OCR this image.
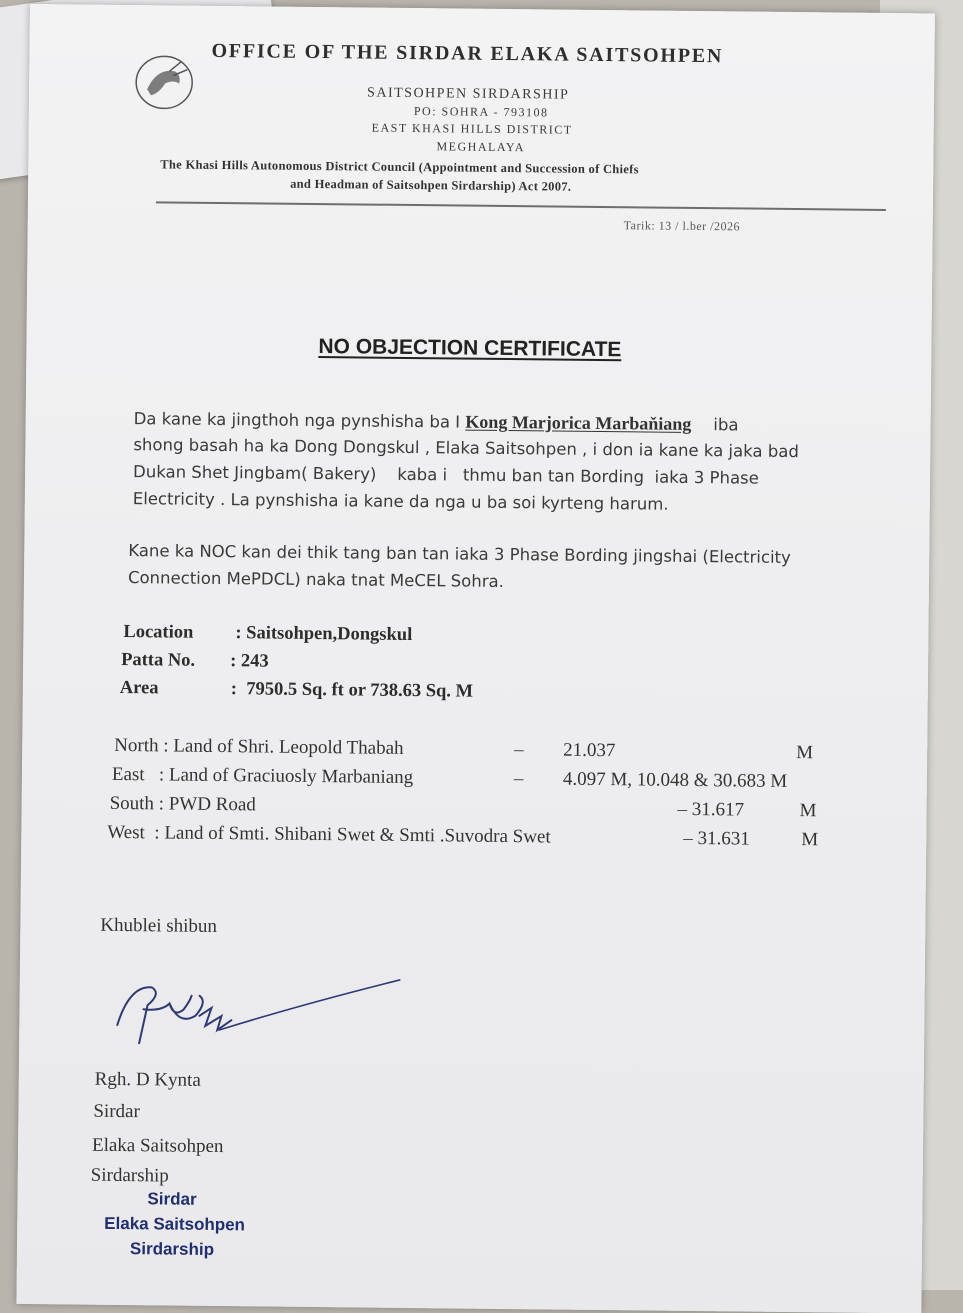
OFFICE OF THE SIRDAR ELAKA SAITSOHPEN
SAITSOHPEN SIRDARSHIP
PO: SOHRA - 793108
EAST KHASI HILLS DISTRICT
MEGHALAYA
The Khasi Hills Autonomous District Council (Appointment and Succession of Chiefs
and Headman of Saitsohpen Sirdarship) Act 2007.
Tarik: 13 / l.ber /2026
NO OBJECTION CERTIFICATE
Da kane ka jingthoh nga pynshisha ba I Kong Marjorica Marbaňiang iba
shong basah ha ka Dong Dongskul , Elaka Saitsohpen , i don ia kane ka jaka bad
Dukan Shet Jingbam( Bakery)    kaba i   thmu ban tan Bording  iaka 3 Phase
Electricity . La pynshisha ia kane da nga u ba soi kyrteng harum.
Kane ka NOC kan dei thik tang ban tan iaka 3 Phase Bording jingshai (Electricity
Connection MePDCL) naka tnat MeCEL Sohra.
Location : Saitsohpen,Dongskul
Patta No. : 243
Area	:  7950.5 Sq. ft or 738.63 Sq. M
North : Land of Shri. Leopold Thabah	– 21.037	M
East   : Land of Graciuosly Marbaniang	– 4.097 M, 10.048 & 30.683 M
South : PWD Road	– 31.617	M
West  : Land of Smti. Shibani Swet & Smti .Suvodra Swet	– 31.631	M
Khublei shibun
Rgh. D Kynta
Sirdar
Elaka Saitsohpen
Sirdarship
Sirdar
Elaka Saitsohpen
Sirdarship
